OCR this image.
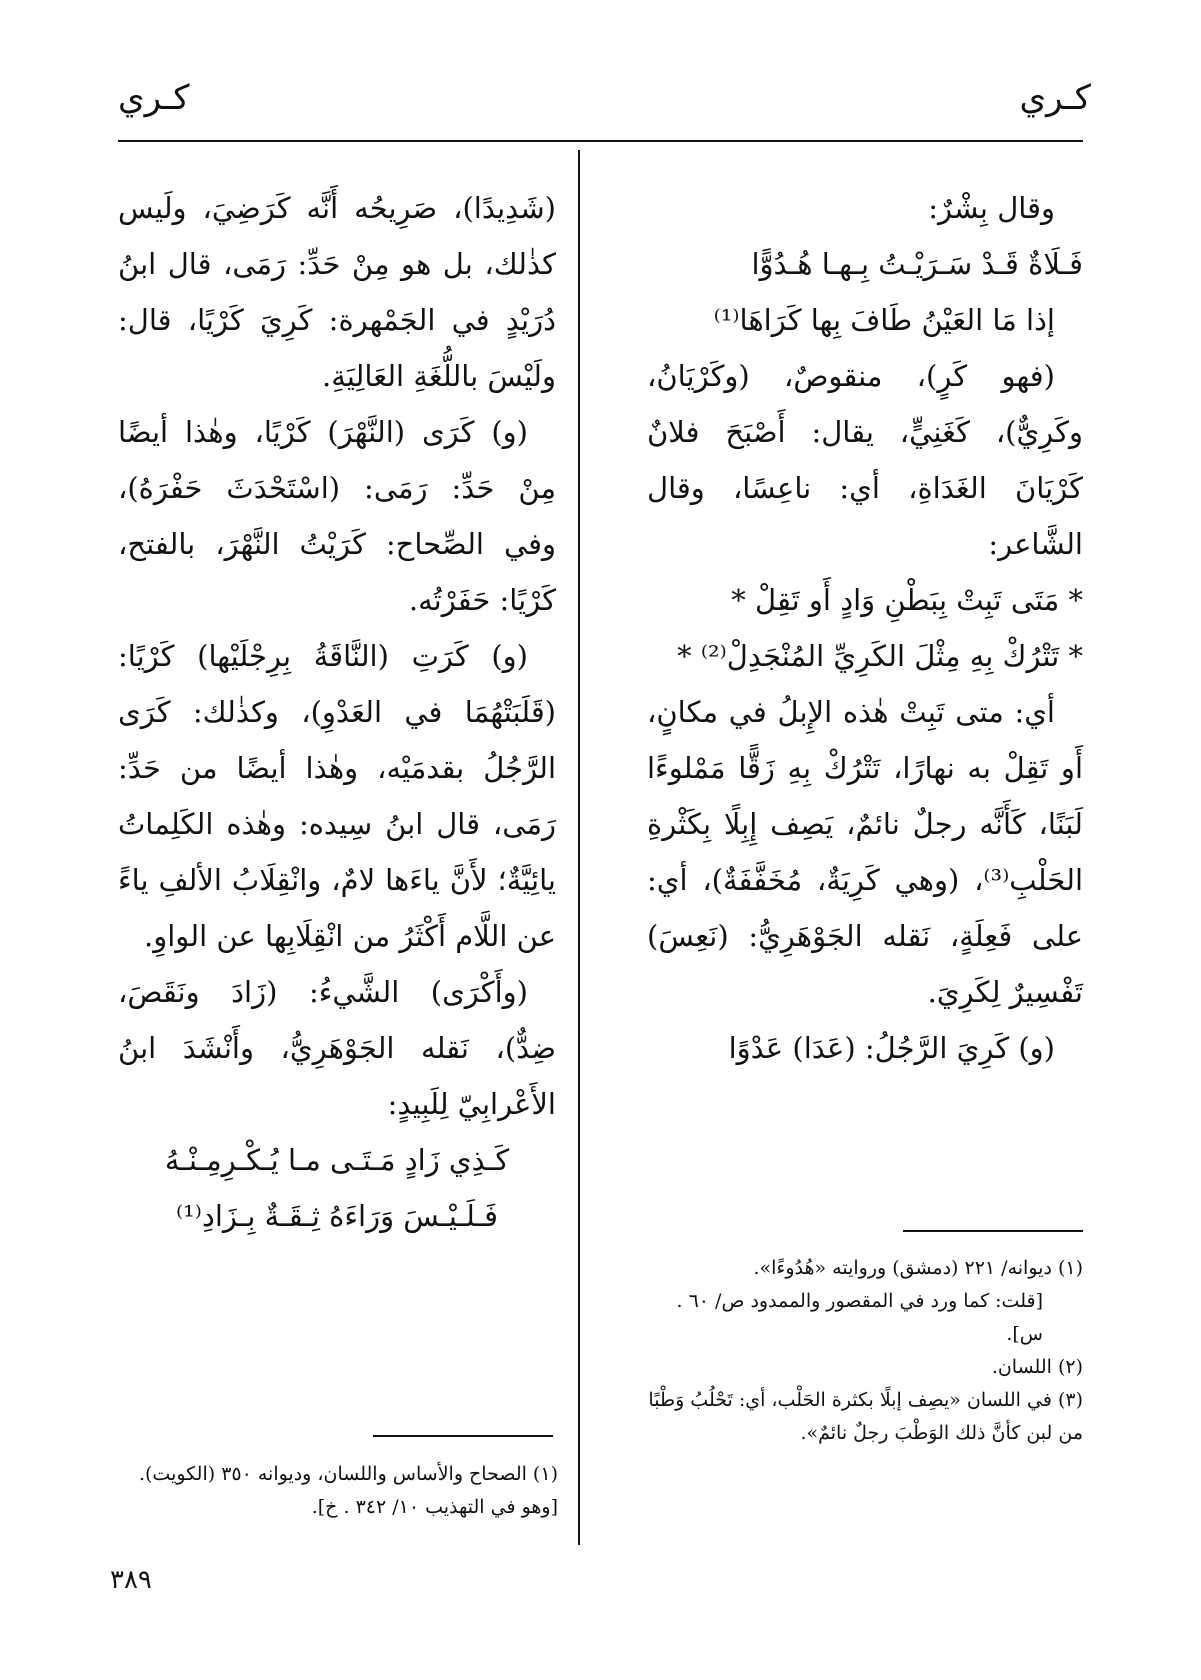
كـري
كـري

وقال بِشْرٌ:

فَـلَاةٌ قَـدْ سَـرَيْـتُ بِـهـا هُـدُوًّا

إذا مَا العَيْنُ طَافَ بِها كَرَاهَا⁽¹⁾

(فهو كَرٍ)، منقوصٌ، (وكَرْيَانُ، وكَرِيٌّ)، كَغَنِيٍّ، يقال: أَصْبَحَ فلانٌ كَرْيَانَ الغَدَاةِ، أي: ناعِسًا، وقال الشَّاعر:

* مَتَى تَبِتْ بِبَطْنِ وَادٍ أَو تَقِلْ *

* تَتْرُكْ بِهِ مِثْلَ الكَرِيِّ المُنْجَدِلْ⁽²⁾ *

أي: متى تَبِتْ هٰذه الإِبلُ في مكانٍ، أَو تَقِلْ به نهارًا، تَتْرُكْ بِهِ زَقًّا مَمْلوءًا لَبَنًا، كَأَنَّه رجلٌ نائمٌ، يَصِف إِبِلًا بِكَثْرةِ الحَلْبِ⁽³⁾، (وهي كَرِيَةٌ، مُخَفَّفَةٌ)، أي: على فَعِلَةٍ، نَقله الجَوْهَرِيُّ: (نَعِسَ) تَفْسِيرٌ لِكَرِيَ.

(و) كَرِيَ الرَّجُلُ: (عَدَا) عَدْوًا

(شَدِيدًا)، صَرِيحُه أَنَّه كَرَضِيَ، ولَيس كذٰلك، بل هو مِنْ حَدِّ: رَمَى، قال ابنُ دُرَيْدٍ في الجَمْهرة: كَرِيَ كَرْيًا، قال: ولَيْسَ باللُّغَةِ العَالِيَةِ.

(و) كَرَى (النَّهْرَ) كَرْيًا، وهٰذا أيضًا مِنْ حَدِّ: رَمَى: (اسْتَحْدَثَ حَفْرَهُ)، وفي الصِّحاح: كَرَيْتُ النَّهْرَ، بالفتح، كَرْيًا: حَفَرْتُه.

(و) كَرَتِ (النَّاقَةُ بِرِجْلَيْها) كَرْيًا: (قَلَبَتْهُمَا في العَدْوِ)، وكذٰلك: كَرَى الرَّجُلُ بقدمَيْه، وهٰذا أيضًا من حَدِّ: رَمَى، قال ابنُ سِيده: وهٰذه الكَلِماتُ يائِيَّةٌ؛ لأَنَّ ياءَها لامٌ، وانْقِلَابُ الألفِ ياءً عن اللَّام أَكْثَرُ من انْقِلَابِها عن الواوِ.

(وأَكْرَى) الشَّيءُ: (زَادَ ونَقَصَ، ضِدٌّ)، نَقله الجَوْهَرِيُّ، وأَنْشَدَ ابنُ الأَعْرابِيّ لِلَبِيدٍ:

كَـذِي زَادٍ مَـتَـى مـا يُـكْـرِمِـنْـهُ

فَـلَـيْـسَ وَرَاءَهُ ثِـقَـةٌ بِـزَادِ⁽¹⁾

(١) ديوانه/ ٢٢١ (دمشق) وروايته «هُدُوءًا».

[قلت: كما ورد في المقصور والممدود ص/ ٦٠ . س].

(٢) اللسان.

(٣) في اللسان «يصِف إبلًا بكثرة الحَلْب، أي: تَحْلُبُ وَطْبًا من لبن كأنَّ ذلك الوَطْبَ رجلٌ نائمٌ».

(١) الصحاح والأساس واللسان، وديوانه ٣٥٠ (الكويت). [وهو في التهذيب ١٠/ ٣٤٢ . خ].

٣٨٩
